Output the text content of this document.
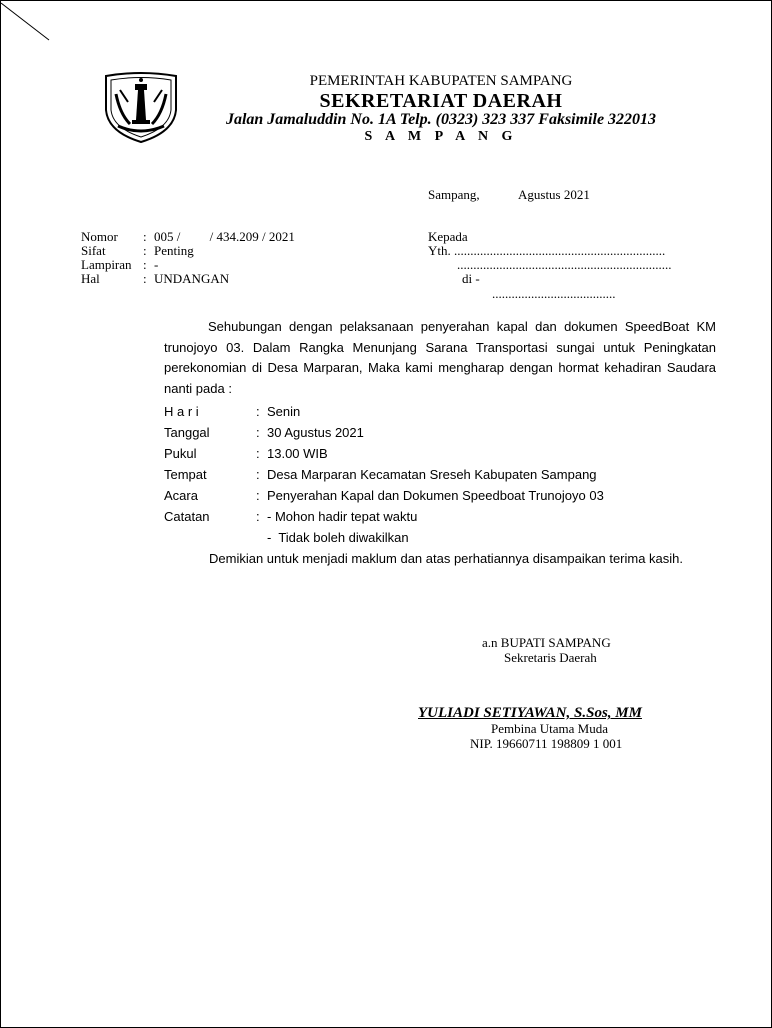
PEMERINTAH KABUPATEN SAMPANG
SEKRETARIAT DAERAH
Jalan Jamaluddin No. 1A Telp. (0323) 323 337 Faksimile 322013
S A M P A N G
Sampang,	Agustus 2021
Nomor : 005 /         / 434.209 / 2021
Sifat	: Penting
Lampiran : -
Hal	: UNDANGAN
Kepada
Yth. .................................................................
..................................................................
di -
......................................
Sehubungan dengan pelaksanaan penyerahan kapal dan dokumen SpeedBoat KM trunojoyo 03. Dalam Rangka Menunjang Sarana Transportasi sungai untuk Peningkatan perekonomian di Desa Marparan, Maka kami mengharap dengan hormat kehadiran Saudara nanti pada :
H a r i	: Senin
Tanggal	: 30 Agustus 2021
Pukul	: 13.00 WIB
Tempat	: Desa Marparan Kecamatan Sreseh Kabupaten Sampang
Acara	: Penyerahan Kapal dan Dokumen Speedboat Trunojoyo 03
Catatan	: - Mohon hadir tepat waktu
-  Tidak boleh diwakilkan
Demikian untuk menjadi maklum dan atas perhatiannya disampaikan terima kasih.
a.n BUPATI SAMPANG
Sekretaris Daerah
YULIADI SETIYAWAN, S.Sos, MM
Pembina Utama Muda
NIP. 19660711 198809 1 001
